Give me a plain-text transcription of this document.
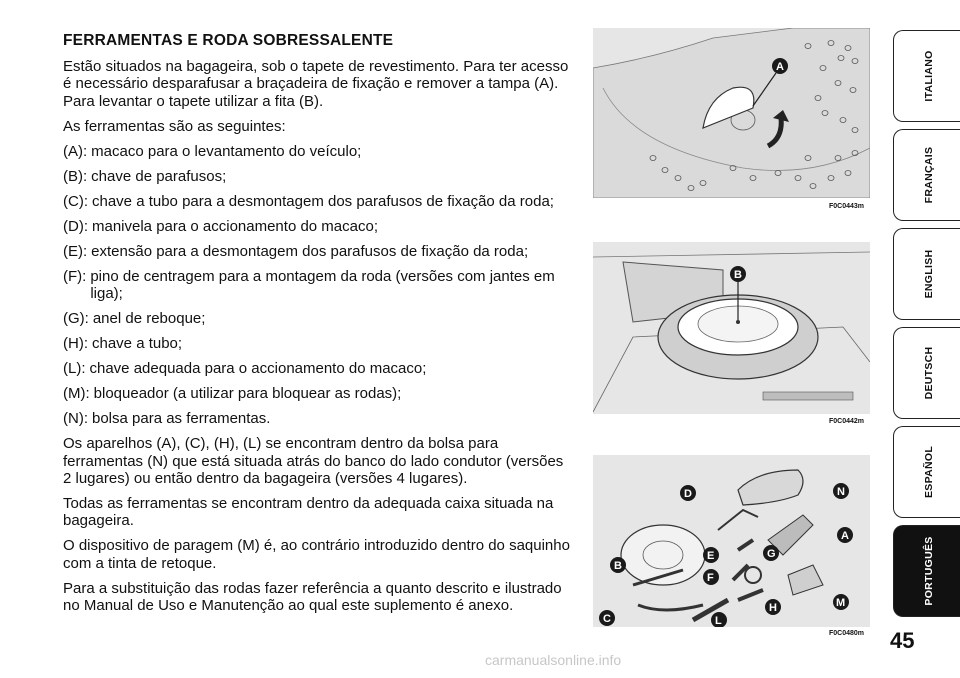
FERRAMENTAS E RODA SOBRESSALENTE

Estão situados na bagageira, sob o tapete de revestimento. Para ter acesso é necessário desparafusar a braçadeira de fixação e remover a tampa (A). Para levantar o tapete utilizar a fita (B).

As ferramentas são as seguintes:

(A): macaco para o levantamento do veículo;
(B): chave de parafusos;
(C): chave a tubo para a desmontagem dos parafusos de fixação da roda;
(D): manivela para o accionamento do macaco;
(E): extensão para a desmontagem dos parafusos de fixação da roda;
(F): pino de centragem para a montagem da roda (versões com jantes em liga);
(G): anel de reboque;
(H): chave a tubo;
(L): chave adequada para o accionamento do macaco;
(M): bloqueador (a utilizar para bloquear as rodas);
(N): bolsa para as ferramentas.

Os aparelhos (A), (C), (H), (L) se encontram dentro da bolsa para ferramentas (N) que está situada atrás do banco do lado condutor (versões 2 lugares) ou então dentro da bagageira (versões 4 lugares).

Todas as ferramentas se encontram dentro da adequada caixa situada na bagageira.

O dispositivo de paragem (M) é, ao contrário introduzido dentro do saquinho com a tinta de retoque.

Para a substituição das rodas fazer referência a quanto descrito e ilustrado no Manual de Uso e Manutenção ao qual este suplemento é anexo.

A
F0C0443m
B
F0C0442m
D	N
A
E	G
B
F
M
H
C	L
F0C0480m
ITALIANO
FRANÇAIS
ENGLISH
DEUTSCH
ESPAÑOL
PORTUGUÊS
45
carmanualsonline.info
